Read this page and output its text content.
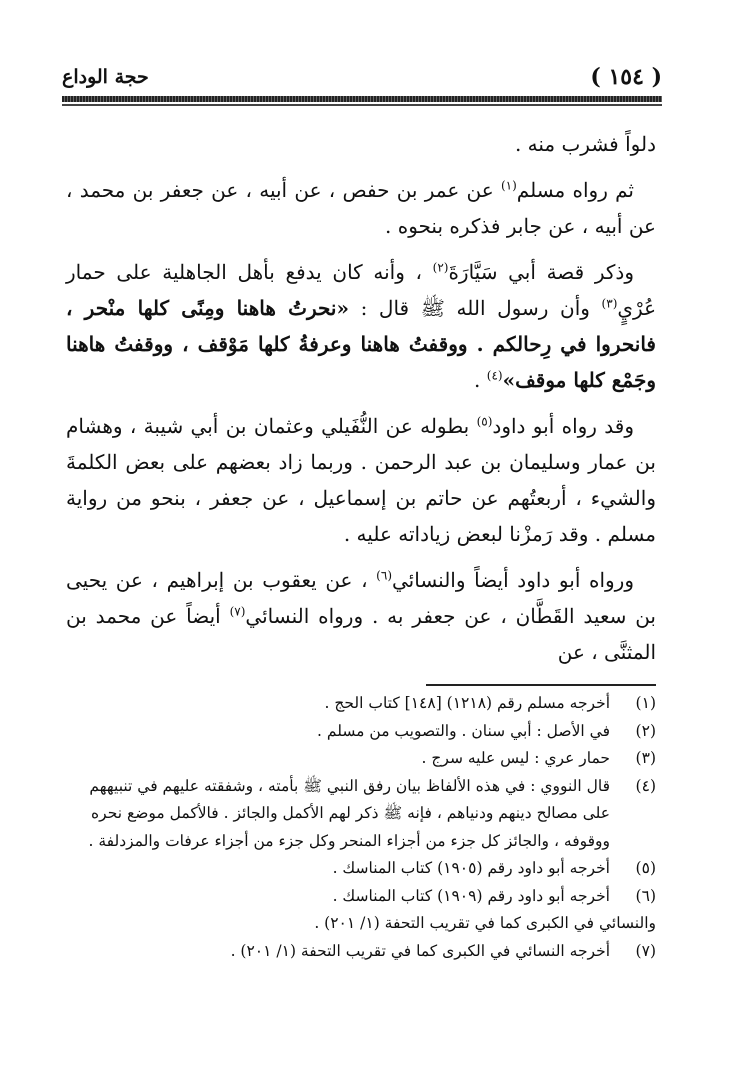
( ١٥٤ )
حجة الوداع

دلواً فشرب منه .

ثم رواه مسلم$^{(١)}$ عن عمر بن حفص ، عن أبيه ، عن جعفر بن محمد ، عن أبيه ، عن جابر فذكره بنحوه .

وذكر قصة أبي سَيَّارَةَ$^{(٢)}$ ، وأنه كان يدفع بأهل الجاهلية على حمار عُرْيٍ$^{(٣)}$ وأن رسول الله ﷺ قال : «نحرتُ هاهنا ومِنًى كلها منْحر ، فانحروا في رِحالكم . ووقفتُ هاهنا وعرفةُ كلها مَوْقف ، ووقفتُ هاهنا وجَمْع كلها موقف»$^{(٤)}$ .

وقد رواه أبو داود$^{(٥)}$ بطوله عن النُّفَيلي وعثمان بن أبي شيبة ، وهشام بن عمار وسليمان بن عبد الرحمن . وربما زاد بعضهم على بعض الكلمةَ والشيء ، أربعتُهم عن حاتم بن إسماعيل ، عن جعفر ، بنحو من رواية مسلم . وقد رَمزْنا لبعض زياداته عليه .

ورواه أبو داود أيضاً والنسائي$^{(٦)}$ ، عن يعقوب بن إبراهيم ، عن يحيى بن سعيد القَطَّان ، عن جعفر به . ورواه النسائي$^{(٧)}$ أيضاً عن محمد بن المثنَّى ، عن

(١)
أخرجه مسلم رقم (١٢١٨) [١٤٨] كتاب الحج .
(٢)
في الأصل : أبي سنان . والتصويب من مسلم .
(٣)
حمار عري : ليس عليه سرج .
(٤)
قال النووي : في هذه الألفاظ بيان رفق النبي ﷺ بأمته ، وشفقته عليهم في تنبيههم على مصالح دينهم ودنياهم ، فإنه ﷺ ذكر لهم الأكمل والجائز . فالأكمل موضع نحره ووقوفه ، والجائز كل جزء من أجزاء المنحر وكل جزء من أجزاء عرفات والمزدلفة .
(٥)
أخرجه أبو داود رقم (١٩٠٥) كتاب المناسك .
(٦)
أخرجه أبو داود رقم (١٩٠٩) كتاب المناسك .
والنسائي في الكبرى كما في تقريب التحفة (١/ ٢٠١) .
(٧)
أخرجه النسائي في الكبرى كما في تقريب التحفة (١/ ٢٠١) .
